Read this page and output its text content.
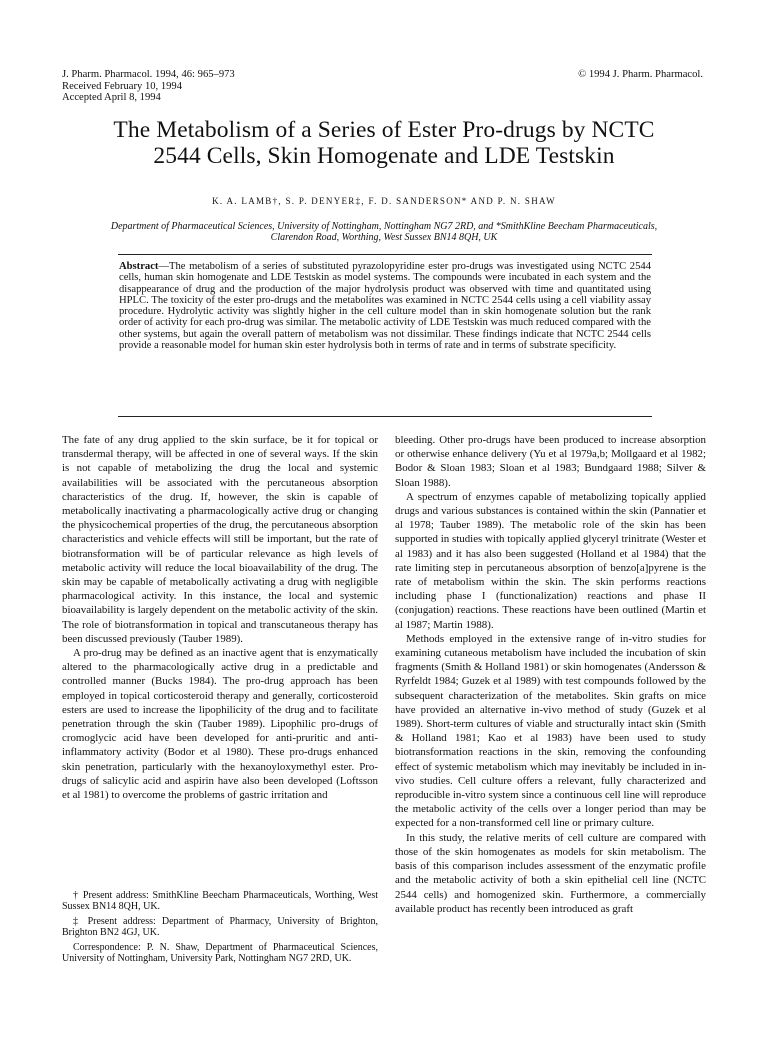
J. Pharm. Pharmacol. 1994, 46: 965–973
Received February 10, 1994
Accepted April 8, 1994
© 1994 J. Pharm. Pharmacol.
The Metabolism of a Series of Ester Pro-drugs by NCTC
2544 Cells, Skin Homogenate and LDE Testskin
K. A. LAMB†, S. P. DENYER‡, F. D. SANDERSON* AND P. N. SHAW
Department of Pharmaceutical Sciences, University of Nottingham, Nottingham NG7 2RD, and *SmithKline Beecham Pharmaceuticals,
Clarendon Road, Worthing, West Sussex BN14 8QH, UK
Abstract—The metabolism of a series of substituted pyrazolopyridine ester pro-drugs was investigated using NCTC 2544 cells, human skin homogenate and LDE Testskin as model systems. The compounds were incubated in each system and the disappearance of drug and the production of the major hydrolysis product was observed with time and quantitated using HPLC. The toxicity of the ester pro-drugs and the metabolites was examined in NCTC 2544 cells using a cell viability assay procedure. Hydrolytic activity was slightly higher in the cell culture model than in skin homogenate solution but the rank order of activity for each pro-drug was similar. The metabolic activity of LDE Testskin was much reduced compared with the other systems, but again the overall pattern of metabolism was not dissimilar. These findings indicate that NCTC 2544 cells provide a reasonable model for human skin ester hydrolysis both in terms of rate and in terms of substrate specificity.

The fate of any drug applied to the skin surface, be it for topical or transdermal therapy, will be affected in one of several ways. If the skin is not capable of metabolizing the drug the local and systemic availabilities will be associated with the percutaneous absorption characteristics of the drug. If, however, the skin is capable of metabolically inactivating a pharmacologically active drug or changing the physicochemical properties of the drug, the percutaneous absorption characteristics and vehicle effects will still be important, but the rate of biotransformation will be of particular relevance as high levels of metabolic activity will reduce the local bioavailability of the drug. The skin may be capable of metabolically activating a drug with negligible pharmacological activity. In this instance, the local and systemic bioavailability is largely dependent on the metabolic activity of the skin. The role of biotransformation in topical and transcutaneous therapy has been discussed previously (Tauber 1989).

A pro-drug may be defined as an inactive agent that is enzymatically altered to the pharmacologically active drug in a predictable and controlled manner (Bucks 1984). The pro-drug approach has been employed in topical corticosteroid therapy and generally, corticosteroid esters are used to increase the lipophilicity of the drug and to facilitate penetration through the skin (Tauber 1989). Lipophilic pro-drugs of cromoglycic acid have been developed for anti-pruritic and anti-inflammatory activity (Bodor et al 1980). These pro-drugs enhanced skin penetration, particularly with the hexanoyloxymethyl ester. Pro-drugs of salicylic acid and aspirin have also been developed (Loftsson et al 1981) to overcome the problems of gastric irritation and

† Present address: SmithKline Beecham Pharmaceuticals, Worthing, West Sussex BN14 8QH, UK.

‡ Present address: Department of Pharmacy, University of Brighton, Brighton BN2 4GJ, UK.

Correspondence: P. N. Shaw, Department of Pharmaceutical Sciences, University of Nottingham, University Park, Nottingham NG7 2RD, UK.

bleeding. Other pro-drugs have been produced to increase absorption or otherwise enhance delivery (Yu et al 1979a,b; Mollgaard et al 1982; Bodor & Sloan 1983; Sloan et al 1983; Bundgaard 1988; Silver & Sloan 1988).

A spectrum of enzymes capable of metabolizing topically applied drugs and various substances is contained within the skin (Pannatier et al 1978; Tauber 1989). The metabolic role of the skin has been supported in studies with topically applied glyceryl trinitrate (Wester et al 1983) and it has also been suggested (Holland et al 1984) that the rate limiting step in percutaneous absorption of benzo[a]pyrene is the rate of metabolism within the skin. The skin performs reactions including phase I (functionalization) reactions and phase II (conjugation) reactions. These reactions have been outlined (Martin et al 1987; Martin 1988).

Methods employed in the extensive range of in-vitro studies for examining cutaneous metabolism have included the incubation of skin fragments (Smith & Holland 1981) or skin homogenates (Andersson & Ryrfeldt 1984; Guzek et al 1989) with test compounds followed by the subsequent characterization of the metabolites. Skin grafts on mice have provided an alternative in-vivo method of study (Guzek et al 1989). Short-term cultures of viable and structurally intact skin (Smith & Holland 1981; Kao et al 1983) have been used to study biotransformation reactions in the skin, removing the confounding effect of systemic metabolism which may inevitably be included in in-vivo studies. Cell culture offers a relevant, fully characterized and reproducible in-vitro system since a continuous cell line will reproduce the metabolic activity of the cells over a longer period than may be expected for a non-transformed cell line or primary culture.

In this study, the relative merits of cell culture are compared with those of the skin homogenates as models for skin metabolism. The basis of this comparison includes assessment of the enzymatic profile and the metabolic activity of both a skin epithelial cell line (NCTC 2544 cells) and homogenized skin. Furthermore, a commercially available product has recently been introduced as graft
